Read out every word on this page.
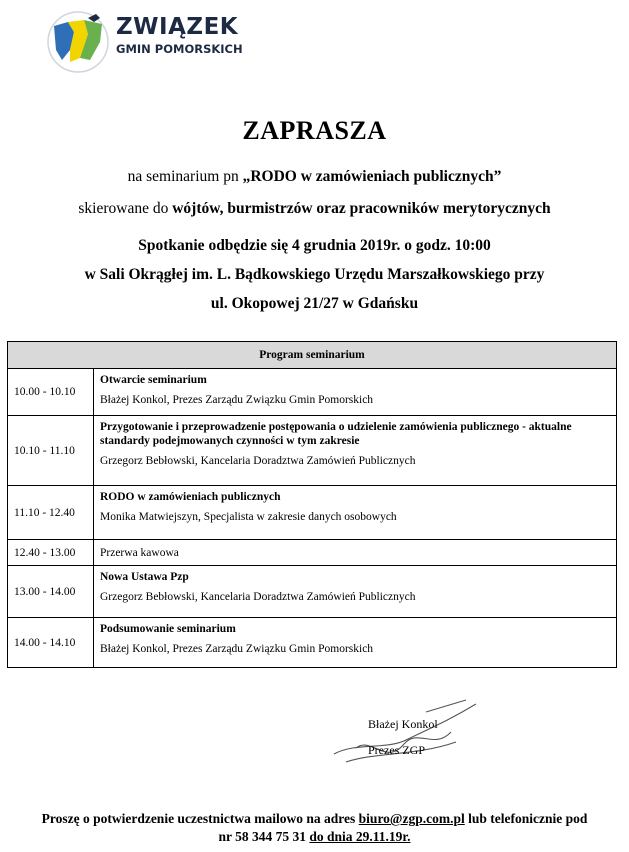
ZWIĄZEK
GMIN POMORSKICH
ZAPRASZA
na seminarium pn „RODO w zamówieniach publicznych”
skierowane do wójtów, burmistrzów oraz pracowników merytorycznych
Spotkanie odbędzie się 4 grudnia 2019r. o godz. 10:00
w Sali Okrągłej im. L. Bądkowskiego Urzędu Marszałkowskiego przy
ul. Okopowej 21/27 w Gdańsku
Program seminarium	
10.00 - 10.10	Otwarcie seminarium
Błażej Konkol, Prezes Zarządu Związku Gmin Pomorskich

10.10 - 11.10	Przygotowanie i przeprowadzenie postępowania o udzielenie zamówienia publicznego - aktualne standardy podejmowanych czynności w tym zakresie
Grzegorz Bebłowski, Kancelaria Doradztwa Zamówień Publicznych

11.10 - 12.40	RODO w zamówieniach publicznych
Monika Matwiejszyn, Specjalista w zakresie danych osobowych

12.40 - 13.00	Przerwa kawowa

13.00 - 14.00	Nowa Ustawa Pzp
Grzegorz Bebłowski, Kancelaria Doradztwa Zamówień Publicznych

14.00 - 14.10	Podsumowanie seminarium
Błażej Konkol, Prezes Zarządu Związku Gmin Pomorskich
Błażej Konkol
Prezes ZGP
Proszę o potwierdzenie uczestnictwa mailowo na adres biuro@zgp.com.pl lub telefonicznie pod
nr 58 344 75 31 do dnia 29.11.19r.
